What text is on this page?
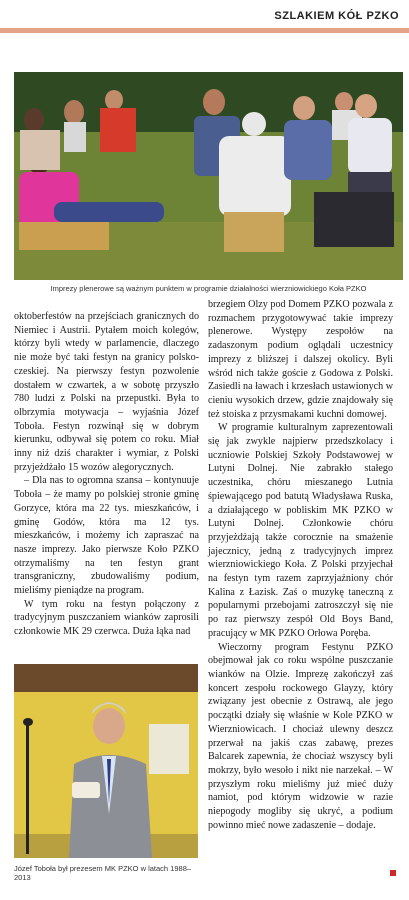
SZLAKIEM KÓŁ PZKO
Imprezy plenerowe są ważnym punktem w programie działalności wierzniowickiego Koła PZKO

oktoberfestów na przejściach granicznych do Niemiec i Austrii. Pytałem moich kolegów, którzy byli wtedy w parlamencie, dlaczego nie może być taki festyn na granicy polsko-czeskiej. Na pierwszy festyn pozwolenie dostałem w czwartek, a w sobotę przyszło 780 ludzi z Polski na przepustki. Była to olbrzymia motywacja – wyjaśnia Józef Toboła. Festyn rozwinął się w dobrym kierunku, odbywał się potem co roku. Miał inny niż dziś charakter i wymiar, z Polski przyjeżdżało 15 wozów alegorycznych.

– Dla nas to ogromna szansa – kontynuuje Toboła – że mamy po polskiej stronie gminę Gorzyce, która ma 22 tys. mieszkańców, i gminę Godów, która ma 12 tys. mieszkańców, i możemy ich zapraszać na nasze imprezy. Jako pierwsze Koło PZKO otrzymaliśmy na ten festyn grant transgraniczny, zbudowaliśmy podium, mieliśmy pieniądze na program.

W tym roku na festyn połączony z tradycyjnym puszczaniem wianków zaprosili członkowie MK 29 czerwca. Duża łąka nad

brzegiem Olzy pod Domem PZKO pozwala z rozmachem przygotowywać takie imprezy plenerowe. Występy zespołów na zadaszonym podium oglądali uczestnicy imprezy z bliższej i dalszej okolicy. Byli wśród nich także goście z Godowa z Polski. Zasiedli na ławach i krzesłach ustawionych w cieniu wysokich drzew, gdzie znajdowały się też stoiska z przysmakami kuchni domowej.

W programie kulturalnym zaprezentowali się jak zwykle najpierw przedszkolacy i uczniowie Polskiej Szkoły Podstawowej w Lutyni Dolnej. Nie zabrakło stałego uczestnika, chóru mieszanego Lutnia śpiewającego pod batutą Władysława Ruska, a działającego w pobliskim MK PZKO w Lutyni Dolnej. Członkowie chóru przyjeżdżają także corocznie na smażenie jajecznicy, jedną z tradycyjnych imprez wierzniowickiego Koła. Z Polski przyjechał na festyn tym razem zaprzyjaźniony chór Kalina z Łazisk. Zaś o muzykę taneczną z popularnymi przebojami zatroszczył się nie po raz pierwszy zespół Old Boys Band, pracujący w MK PZKO Orłowa Poręba.

Wieczorny program Festynu PZKO obejmował jak co roku wspólne puszczanie wianków na Olzie. Imprezę zakończył zaś koncert zespołu rockowego Glayzy, który związany jest obecnie z Ostrawą, ale jego początki działy się właśnie w Kole PZKO w Wierzniowicach. I chociaż ulewny deszcz przerwał na jakiś czas zabawę, prezes Balcarek zapewnia, że chociaż wszyscy byli mokrzy, było wesoło i nikt nie narzekał. – W przyszłym roku mieliśmy już mieć duży namiot, pod którym widzowie w razie niepogody mogliby się ukryć, a podium powinno mieć nowe zadaszenie – dodaje.

Józef Toboła był prezesem MK PZKO w latach 1988–2013
